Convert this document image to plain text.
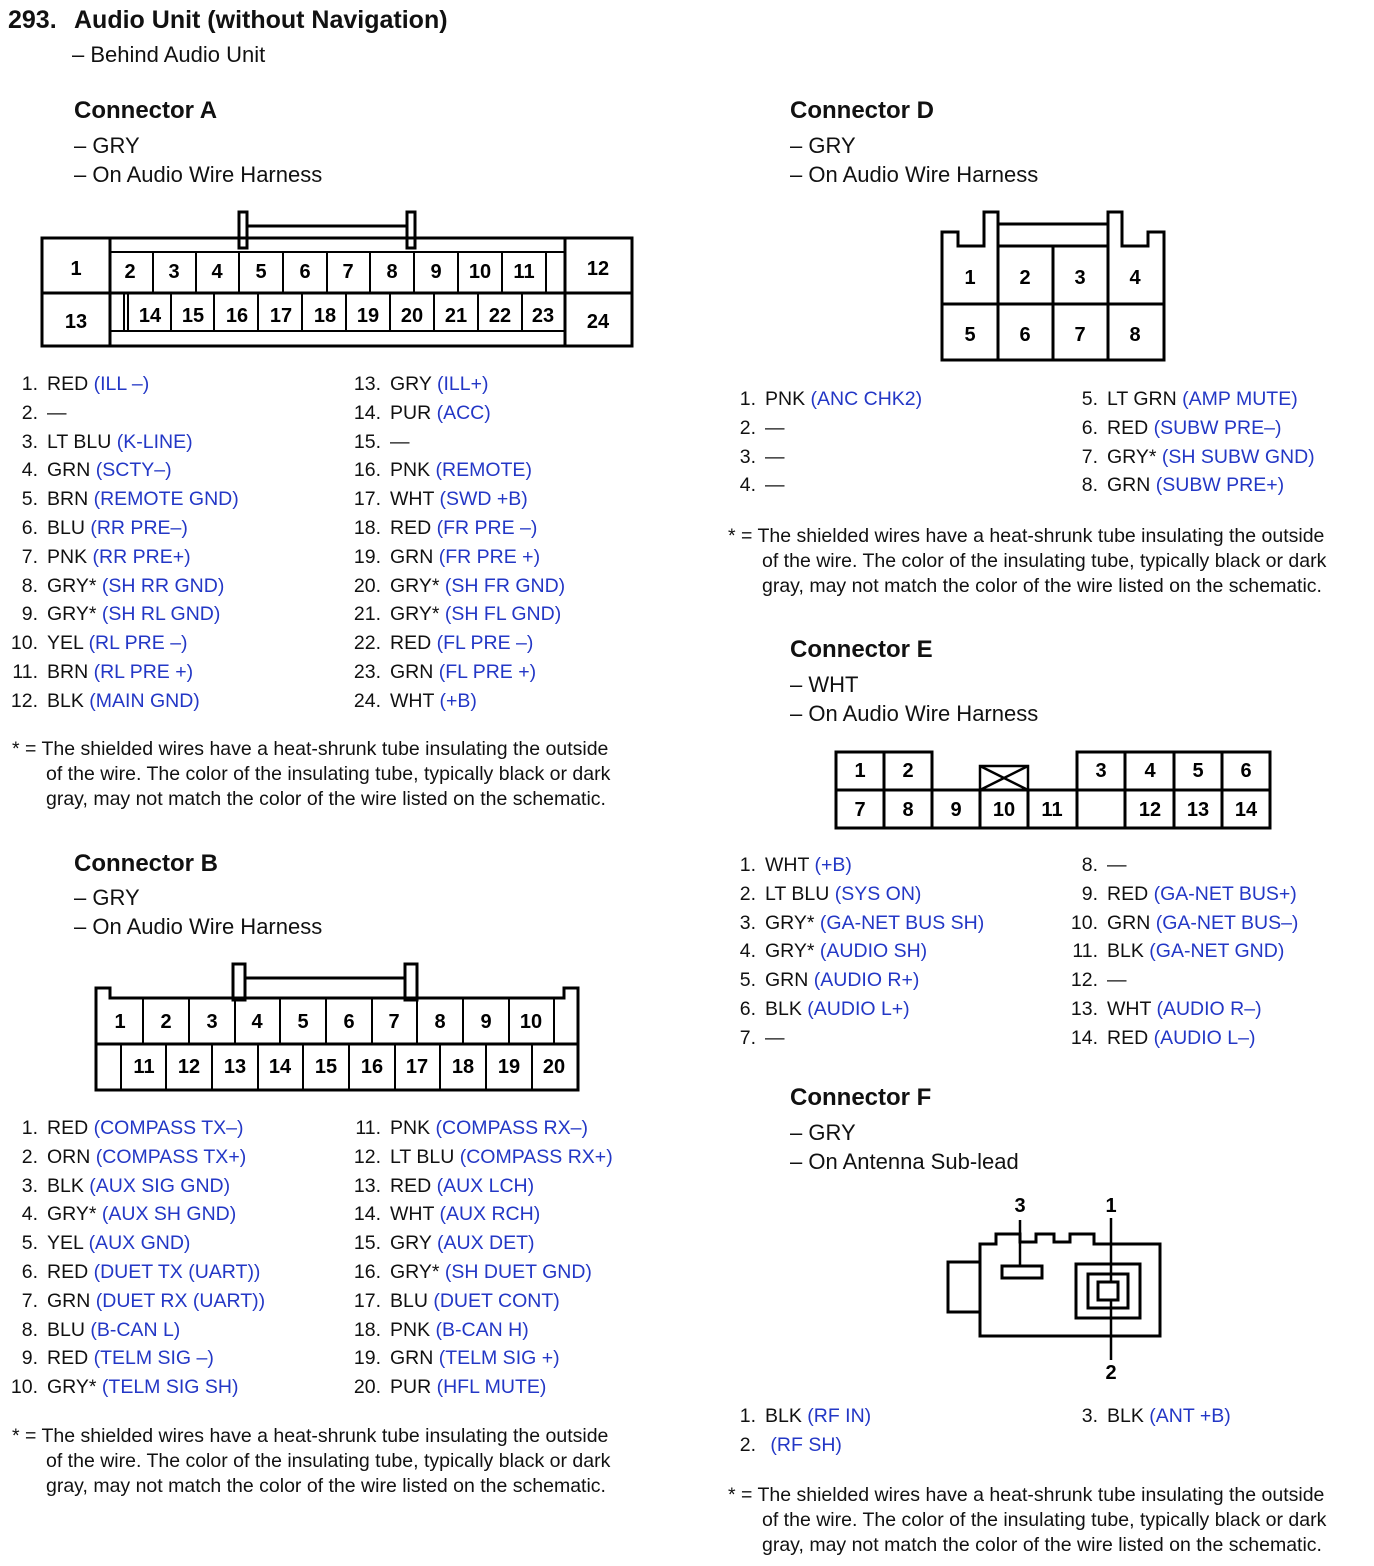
293. Audio Unit (without Navigation)
– Behind Audio Unit
Connector A
– GRY
– On Audio Wire Harness
1 2 3 4 5 6 7 8 9 10 11	12
13	14 15 16 17 18 19 20 21 22 23 24
1. RED (ILL –)
2. —
3. LT BLU (K-LINE)
4. GRN (SCTY–)
5. BRN (REMOTE GND)
6. BLU (RR PRE–)
7. PNK (RR PRE+)
8. GRY* (SH RR GND)
9. GRY* (SH RL GND)
10. YEL (RL PRE –)
11. BRN (RL PRE +)
12. BLK (MAIN GND)
13. GRY (ILL+)
14. PUR (ACC)
15. —
16. PNK (REMOTE)
17. WHT (SWD +B)
18. RED (FR PRE –)
19. GRN (FR PRE +)
20. GRY* (SH FR GND)
21. GRY* (SH FL GND)
22. RED (FL PRE –)
23. GRN (FL PRE +)
24. WHT (+B)
* = The shielded wires have a heat-shrunk tube insulating the outside
of the wire. The color of the insulating tube, typically black or dark
gray, may not match the color of the wire listed on the schematic.
Connector B
– GRY
– On Audio Wire Harness
1 2 3 4 5 6 7 8 9 10
11 12 13 14 15 16 17 18 19 20
1. RED (COMPASS TX–)
2. ORN (COMPASS TX+)
3. BLK (AUX SIG GND)
4. GRY* (AUX SH GND)
5. YEL (AUX GND)
6. RED (DUET TX (UART))
7. GRN (DUET RX (UART))
8. BLU (B-CAN L)
9. RED (TELM SIG –)
10. GRY* (TELM SIG SH)
11. PNK (COMPASS RX–)
12. LT BLU (COMPASS RX+)
13. RED (AUX LCH)
14. WHT (AUX RCH)
15. GRY (AUX DET)
16. GRY* (SH DUET GND)
17. BLU (DUET CONT)
18. PNK (B-CAN H)
19. GRN (TELM SIG +)
20. PUR (HFL MUTE)
* = The shielded wires have a heat-shrunk tube insulating the outside
of the wire. The color of the insulating tube, typically black or dark
gray, may not match the color of the wire listed on the schematic.
Connector D
– GRY
– On Audio Wire Harness
1 2 3 4
5 6 7 8
1. PNK (ANC CHK2)
2. —
3. —
4. —
5. LT GRN (AMP MUTE)
6. RED (SUBW PRE–)
7. GRY* (SH SUBW GND)
8. GRN (SUBW PRE+)
* = The shielded wires have a heat-shrunk tube insulating the outside
of the wire. The color of the insulating tube, typically black or dark
gray, may not match the color of the wire listed on the schematic.
Connector E
– WHT
– On Audio Wire Harness
1 2	3 4 5 6
7 8 9 10 11	12 13 14
1. WHT (+B)
2. LT BLU (SYS ON)
3. GRY* (GA-NET BUS SH)
4. GRY* (AUDIO SH)
5. GRN (AUDIO R+)
6. BLK (AUDIO L+)
7. —
8. —
9. RED (GA-NET BUS+)
10. GRN (GA-NET BUS–)
11. BLK (GA-NET GND)
12. —
13. WHT (AUDIO R–)
14. RED (AUDIO L–)
Connector F
– GRY
– On Antenna Sub-lead
3	1
2
1. BLK (RF IN)
2. (RF SH)
3. BLK (ANT +B)
* = The shielded wires have a heat-shrunk tube insulating the outside
of the wire. The color of the insulating tube, typically black or dark
gray, may not match the color of the wire listed on the schematic.
